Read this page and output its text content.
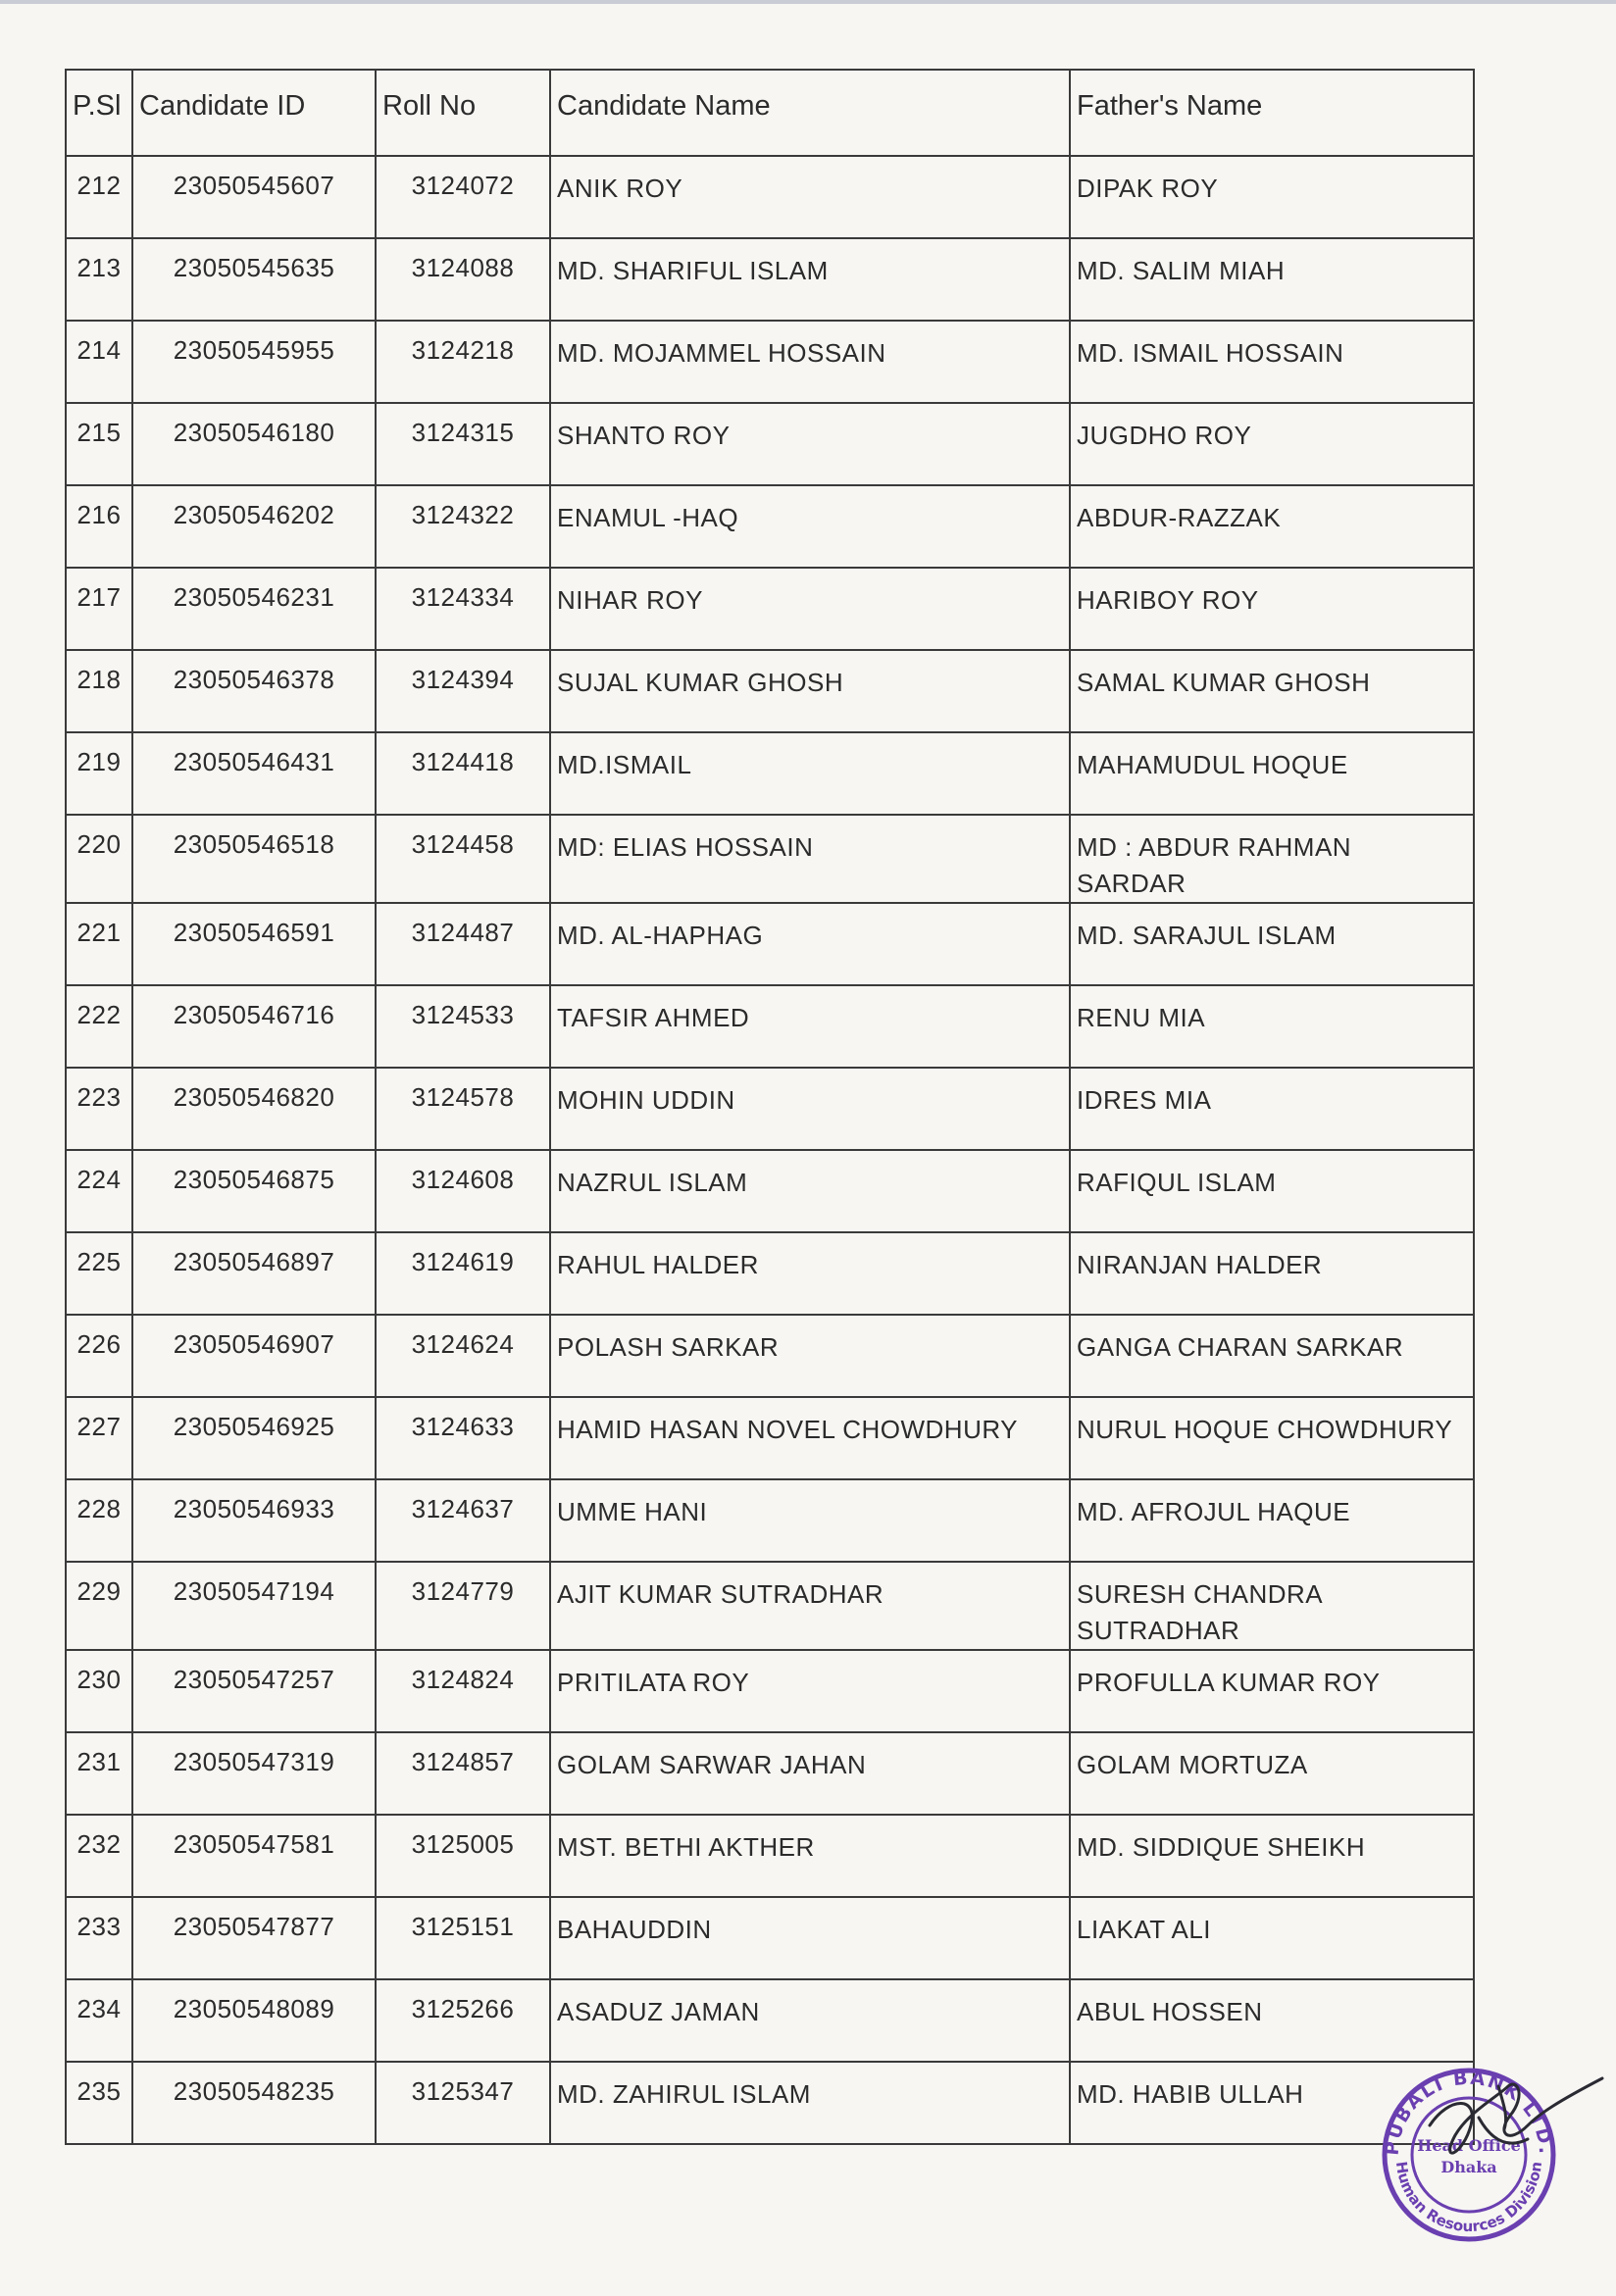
P.Sl	Candidate ID	Roll No	Candidate Name	Father's Name
212	23050545607	3124072	ANIK ROY	DIPAK ROY
213	23050545635	3124088	MD. SHARIFUL ISLAM	MD. SALIM MIAH
214	23050545955	3124218	MD. MOJAMMEL HOSSAIN	MD. ISMAIL HOSSAIN
215	23050546180	3124315	SHANTO ROY	JUGDHO ROY
216	23050546202	3124322	ENAMUL -HAQ	ABDUR-RAZZAK
217	23050546231	3124334	NIHAR ROY	HARIBOY ROY
218	23050546378	3124394	SUJAL KUMAR GHOSH	SAMAL KUMAR GHOSH
219	23050546431	3124418	MD.ISMAIL	MAHAMUDUL HOQUE
220	23050546518	3124458	MD: ELIAS HOSSAIN	MD : ABDUR RAHMAN SARDAR
221	23050546591	3124487	MD. AL-HAPHAG	MD. SARAJUL ISLAM
222	23050546716	3124533	TAFSIR AHMED	RENU MIA
223	23050546820	3124578	MOHIN UDDIN	IDRES MIA
224	23050546875	3124608	NAZRUL ISLAM	RAFIQUL ISLAM
225	23050546897	3124619	RAHUL HALDER	NIRANJAN HALDER
226	23050546907	3124624	POLASH SARKAR	GANGA CHARAN SARKAR
227	23050546925	3124633	HAMID HASAN NOVEL CHOWDHURY	NURUL HOQUE CHOWDHURY
228	23050546933	3124637	UMME HANI	MD. AFROJUL HAQUE
229	23050547194	3124779	AJIT KUMAR SUTRADHAR	SURESH CHANDRA SUTRADHAR
230	23050547257	3124824	PRITILATA ROY	PROFULLA KUMAR ROY
231	23050547319	3124857	GOLAM SARWAR JAHAN	GOLAM MORTUZA
232	23050547581	3125005	MST. BETHI AKTHER	MD. SIDDIQUE SHEIKH
233	23050547877	3125151	BAHAUDDIN	LIAKAT ALI
234	23050548089	3125266	ASADUZ JAMAN	ABUL HOSSEN
235	23050548235	3125347	MD. ZAHIRUL ISLAM	MD. HABIB ULLAH
PUBALI BANK LTD.
Human Resources Division
Head Office
Dhaka
